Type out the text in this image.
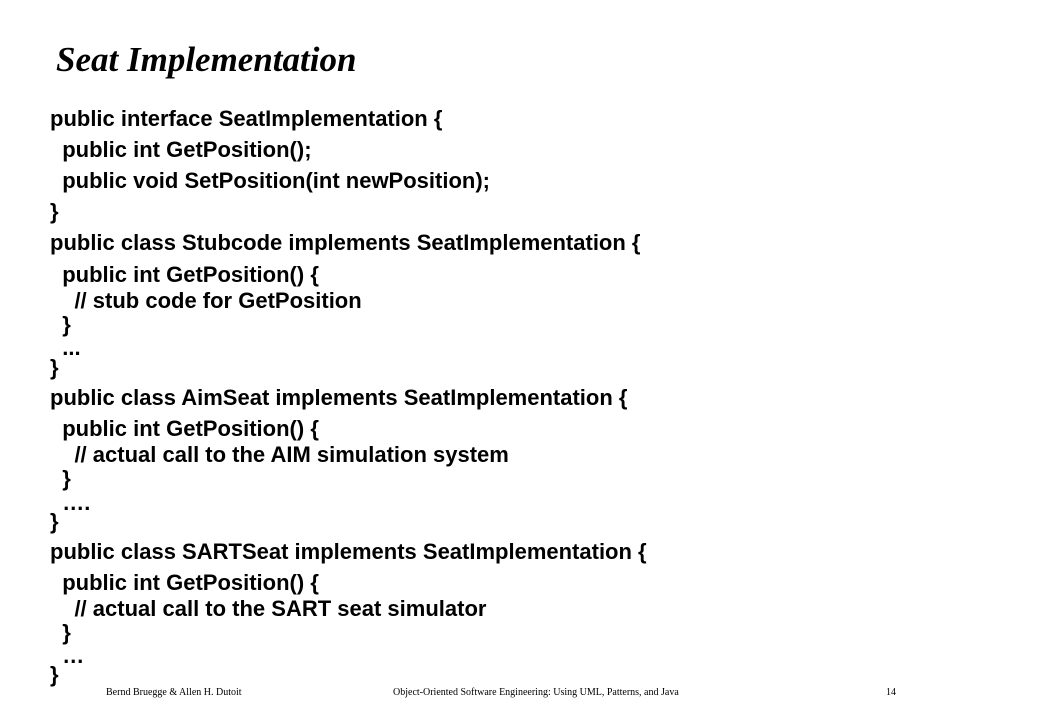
Seat Implementation
public interface SeatImplementation {
public int GetPosition();
public void SetPosition(int newPosition);
}
public class Stubcode implements SeatImplementation {
public int GetPosition() {
// stub code for GetPosition
}
...
}
public class AimSeat implements SeatImplementation {
public int GetPosition() {
// actual call to the AIM simulation system
}
….
}
public class SARTSeat implements SeatImplementation {
public int GetPosition() {
// actual call to the SART seat simulator
}
…
}
Bernd Bruegge & Allen H. Dutoit	Object-Oriented Software Engineering: Using UML, Patterns, and Java	14
